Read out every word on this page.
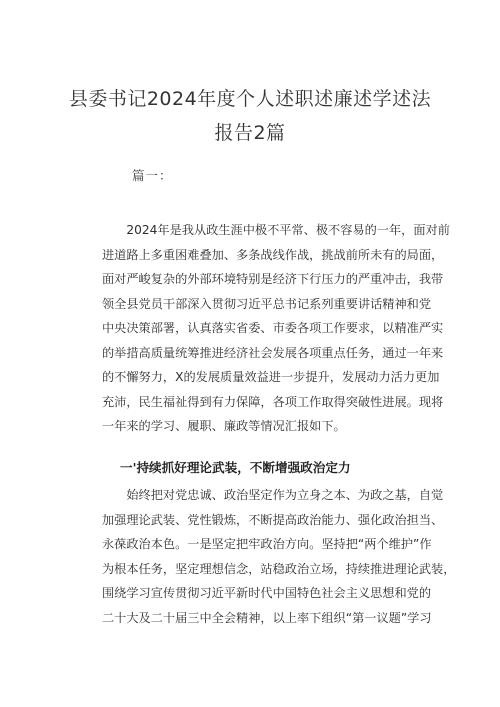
县委书记2024年度个人述职述廉述学述法
报告2篇
篇一：
　　2024年是我从政生涯中极不平常、极不容易的一年，面对前
进道路上多重困难叠加、多条战线作战，挑战前所未有的局面，
面对严峻复杂的外部环境特别是经济下行压力的严重冲击，我带
领全县党员干部深入贯彻习近平总书记系列重要讲话精神和党
中央决策部署，认真落实省委、市委各项工作要求，以精准严实
的举措高质量统筹推进经济社会发展各项重点任务，通过一年来
的不懈努力，X的发展质量效益进一步提升，发展动力活力更加
充沛，民生福祉得到有力保障，各项工作取得突破性进展。现将
一年来的学习、履职、廉政等情况汇报如下。
一'持续抓好理论武装，不断增强政治定力
　　始终把对党忠诚、政治坚定作为立身之本、为政之基，自觉
加强理论武装、党性锻炼，不断提高政治能力、强化政治担当、
永葆政治本色。一是坚定把牢政治方向。坚持把“两个维护”作
为根本任务，坚定理想信念，站稳政治立场，持续推进理论武装，
围绕学习宣传贯彻习近平新时代中国特色社会主义思想和党的
二十大及二十届三中全会精神，以上率下组织“第一议题”学习
